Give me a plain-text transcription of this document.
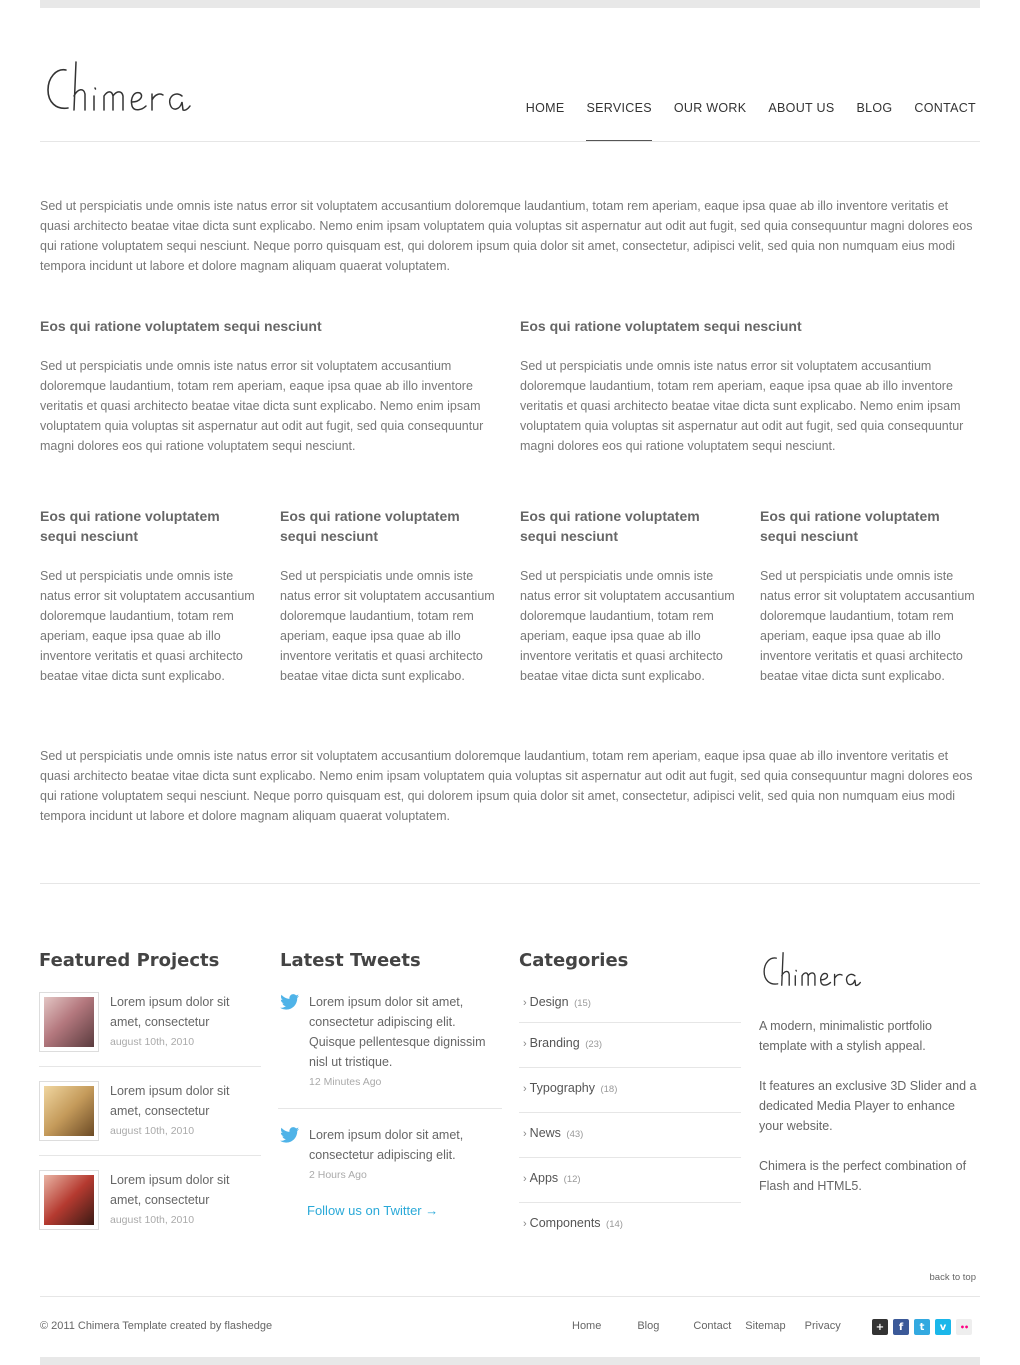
HOME	SERVICES	OUR WORK	ABOUT US	BLOG	CONTACT

Sed ut perspiciatis unde omnis iste natus error sit voluptatem accusantium doloremque laudantium, totam rem aperiam, eaque ipsa quae ab illo inventore veritatis et quasi architecto beatae vitae dicta sunt explicabo. Nemo enim ipsam voluptatem quia voluptas sit aspernatur aut odit aut fugit, sed quia consequuntur magni dolores eos qui ratione voluptatem sequi nesciunt. Neque porro quisquam est, qui dolorem ipsum quia dolor sit amet, consectetur, adipisci velit, sed quia non numquam eius modi tempora incidunt ut labore et dolore magnam aliquam quaerat voluptatem.

Eos qui ratione voluptatem sequi nesciunt

Sed ut perspiciatis unde omnis iste natus error sit voluptatem accusantium doloremque laudantium, totam rem aperiam, eaque ipsa quae ab illo inventore veritatis et quasi architecto beatae vitae dicta sunt explicabo. Nemo enim ipsam voluptatem quia voluptas sit aspernatur aut odit aut fugit, sed quia consequuntur magni dolores eos qui ratione voluptatem sequi nesciunt.

Eos qui ratione voluptatem sequi nesciunt

Sed ut perspiciatis unde omnis iste natus error sit voluptatem accusantium doloremque laudantium, totam rem aperiam, eaque ipsa quae ab illo inventore veritatis et quasi architecto beatae vitae dicta sunt explicabo. Nemo enim ipsam voluptatem quia voluptas sit aspernatur aut odit aut fugit, sed quia consequuntur magni dolores eos qui ratione voluptatem sequi nesciunt.

Eos qui ratione voluptatem sequi nesciunt

Sed ut perspiciatis unde omnis iste natus error sit voluptatem accusantium doloremque laudantium, totam rem aperiam, eaque ipsa quae ab illo inventore veritatis et quasi architecto beatae vitae dicta sunt explicabo.

Eos qui ratione voluptatem sequi nesciunt

Sed ut perspiciatis unde omnis iste natus error sit voluptatem accusantium doloremque laudantium, totam rem aperiam, eaque ipsa quae ab illo inventore veritatis et quasi architecto beatae vitae dicta sunt explicabo.

Eos qui ratione voluptatem sequi nesciunt

Sed ut perspiciatis unde omnis iste natus error sit voluptatem accusantium doloremque laudantium, totam rem aperiam, eaque ipsa quae ab illo inventore veritatis et quasi architecto beatae vitae dicta sunt explicabo.

Eos qui ratione voluptatem sequi nesciunt

Sed ut perspiciatis unde omnis iste natus error sit voluptatem accusantium doloremque laudantium, totam rem aperiam, eaque ipsa quae ab illo inventore veritatis et quasi architecto beatae vitae dicta sunt explicabo.

Sed ut perspiciatis unde omnis iste natus error sit voluptatem accusantium doloremque laudantium, totam rem aperiam, eaque ipsa quae ab illo inventore veritatis et quasi architecto beatae vitae dicta sunt explicabo. Nemo enim ipsam voluptatem quia voluptas sit aspernatur aut odit aut fugit, sed quia consequuntur magni dolores eos qui ratione voluptatem sequi nesciunt. Neque porro quisquam est, qui dolorem ipsum quia dolor sit amet, consectetur, adipisci velit, sed quia non numquam eius modi tempora incidunt ut labore et dolore magnam aliquam quaerat voluptatem.

Featured Projects
Lorem ipsum dolor sit amet, consectetur
august 10th, 2010
Lorem ipsum dolor sit amet, consectetur
august 10th, 2010
Lorem ipsum dolor sit amet, consectetur
august 10th, 2010
Latest Tweets
Lorem ipsum dolor sit amet, consectetur adipiscing elit. Quisque pellentesque dignissim nisl ut tristique.
12 Minutes Ago
Lorem ipsum dolor sit amet, consectetur adipiscing elit.
2 Hours Ago
Follow us on Twitter →
Categories
› Design (15)
› Branding (23)
› Typography (18)
› News (43)
› Apps (12)
› Components (14)

A modern, minimalistic portfolio template with a stylish appeal.

It features an exclusive 3D Slider and a dedicated Media Player to enhance your website.

Chimera is the perfect combination of Flash and HTML5.

back to top
© 2011 Chimera Template created by flashedge	Home	Blog	Contact Sitemap Privacy	+	f	t	v	••
